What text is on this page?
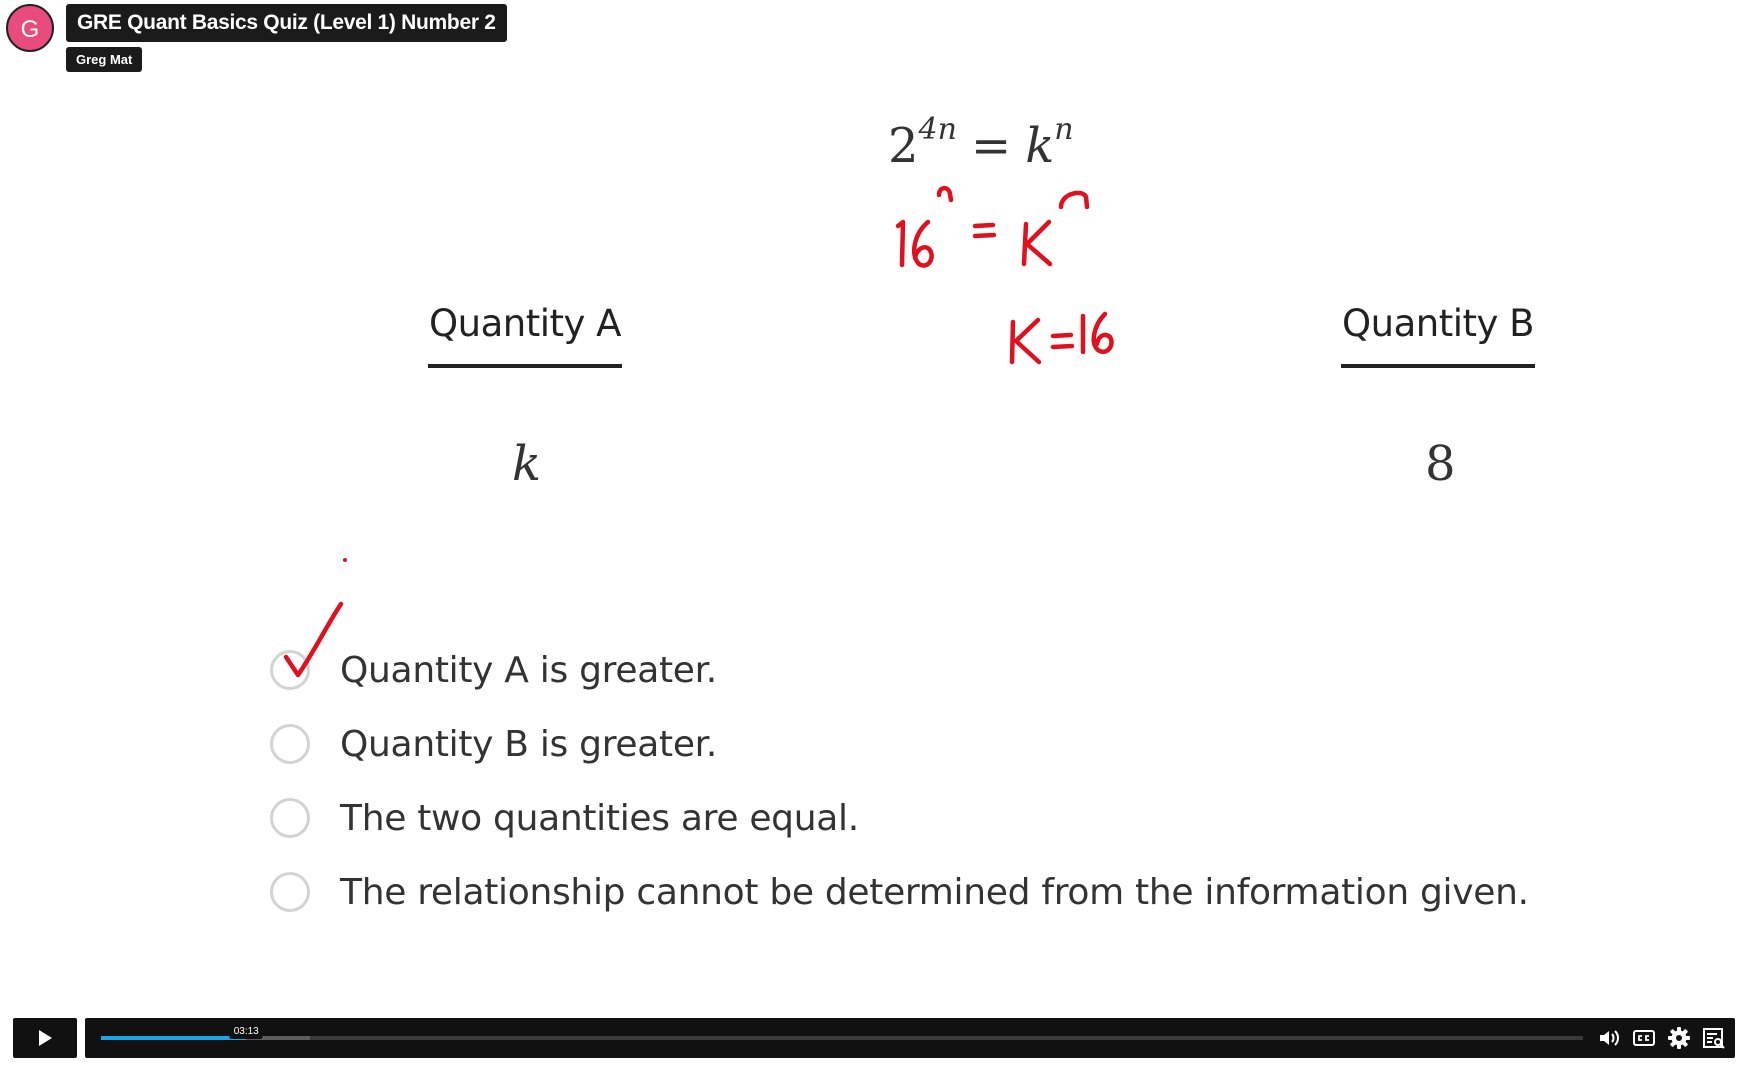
G	GRE Quant Basics Quiz (Level 1) Number 2
Greg Mat
$2^{4n} = k^n$
Quantity A	Quantity B
k	8
Quantity A is greater.
Quantity B is greater.
The two quantities are equal.
The relationship cannot be determined from the information given.
03:13
